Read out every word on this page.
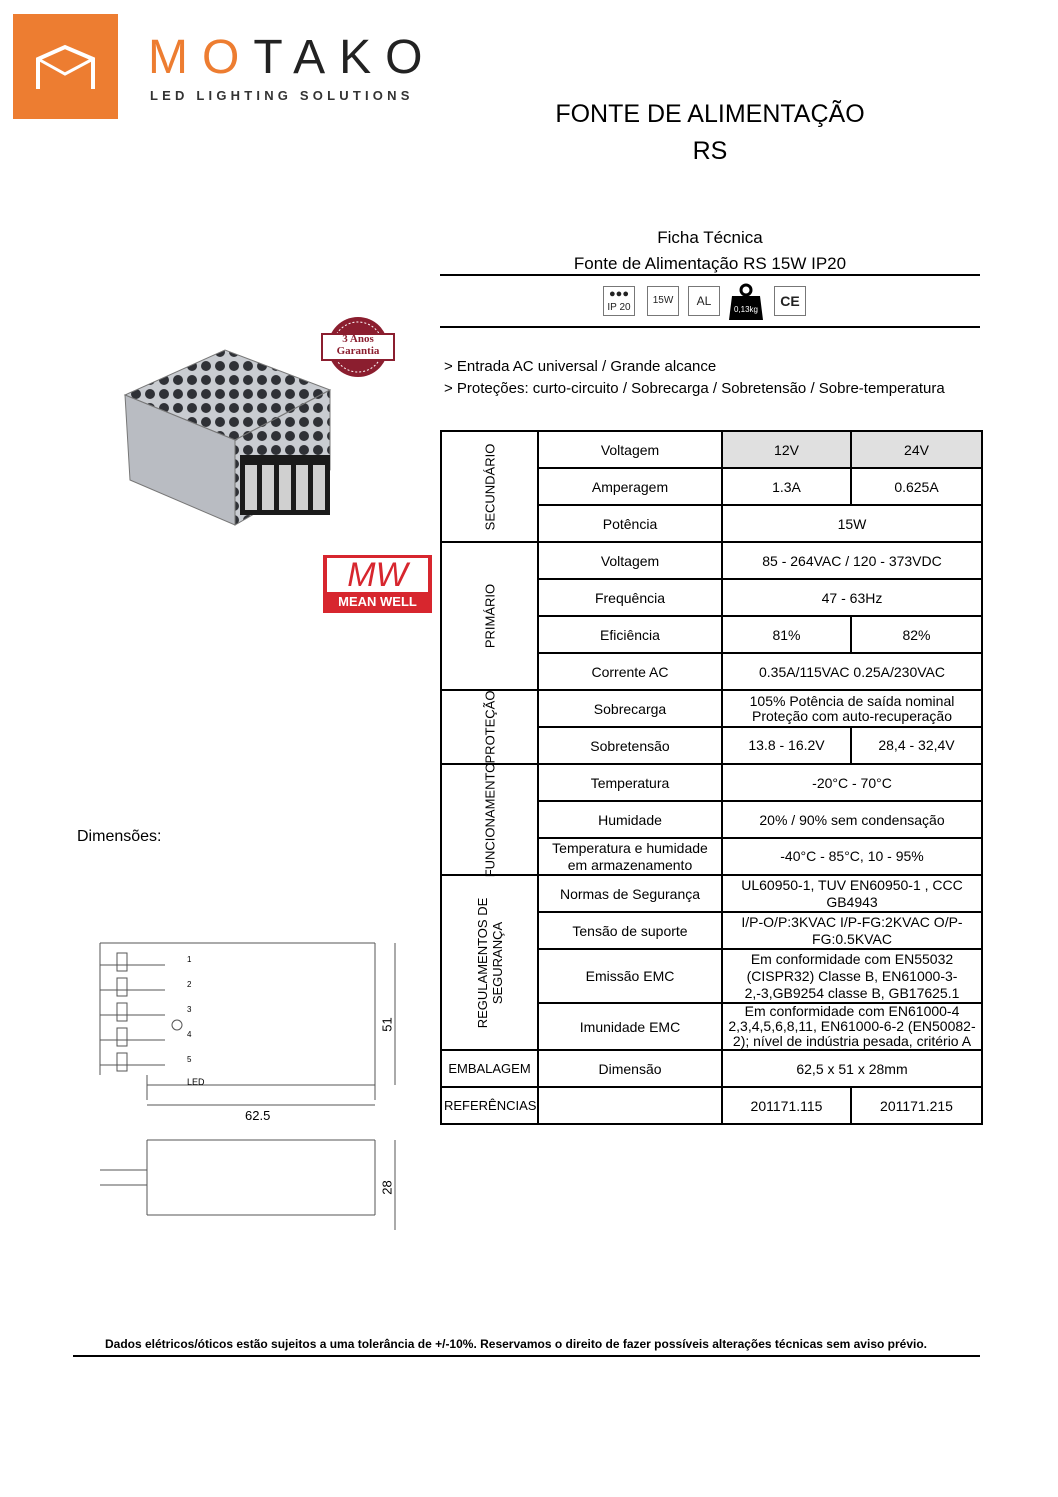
MOTAKO
LED LIGHTING SOLUTIONS
FONTE DE ALIMENTAÇÃO
RS
Ficha Técnica
Fonte de Alimentação RS 15W IP20
●●●
IP 20
15W	AL
0,13kg
CE
> Entrada AC universal / Grande alcance
> Proteções: curto-circuito / Sobrecarga / Sobretensão / Sobre-temperatura
3 Anos
Garantia
MW
MEAN WELL
SECUNDÁRIO	Voltagem	12V	24V
	Amperagem	1.3A	0.625A
	Potência	15W	

PRIMÁRIO	Voltagem	85 - 264VAC / 120 - 373VDC	
	Frequência	47 - 63Hz	
	Eficiência	81%	82%
	Corrente AC	0.35A/115VAC 0.25A/230VAC	

PROTEÇÃO	Sobrecarga	105% Potência de saída nominal
Proteção com auto-recuperação	

	Sobretensão	13.8 - 16.2V	28,4 - 32,4V

FUNCIONAMENTO	Temperatura	-20°C - 70°C	
	Humidade	20% / 90% sem condensação	

	Temperatura e humidade
em armazenamento	-40°C - 85°C, 10 - 95%	

REGULAMENTOS DE SEGURANÇA	Normas de Segurança	UL60950-1, TUV EN60950-1 , CCC GB4943	
	Tensão de suporte	I/P-O/P:3KVAC I/P-FG:2KVAC O/P-FG:0.5KVAC	
	Emissão EMC	Em conformidade com EN55032 (CISPR32) Classe B, EN61000-3-2,-3,GB9254 classe B, GB17625.1	
	Imunidade EMC	Em conformidade com EN61000-4 2,3,4,5,6,8,11, EN61000-6-2 (EN50082-2); nível de indústria pesada, critério A	

EMBALAGEM	Dimensão	62,5 x 51 x 28mm	
REFERÊNCIAS		201171.115	201171.215
Dimensões:
1
2
3
4
5
LED
62.5
51
28
Dados elétricos/óticos estão sujeitos a uma tolerância de +/-10%. Reservamos o direito de fazer possíveis alterações técnicas sem aviso prévio.
